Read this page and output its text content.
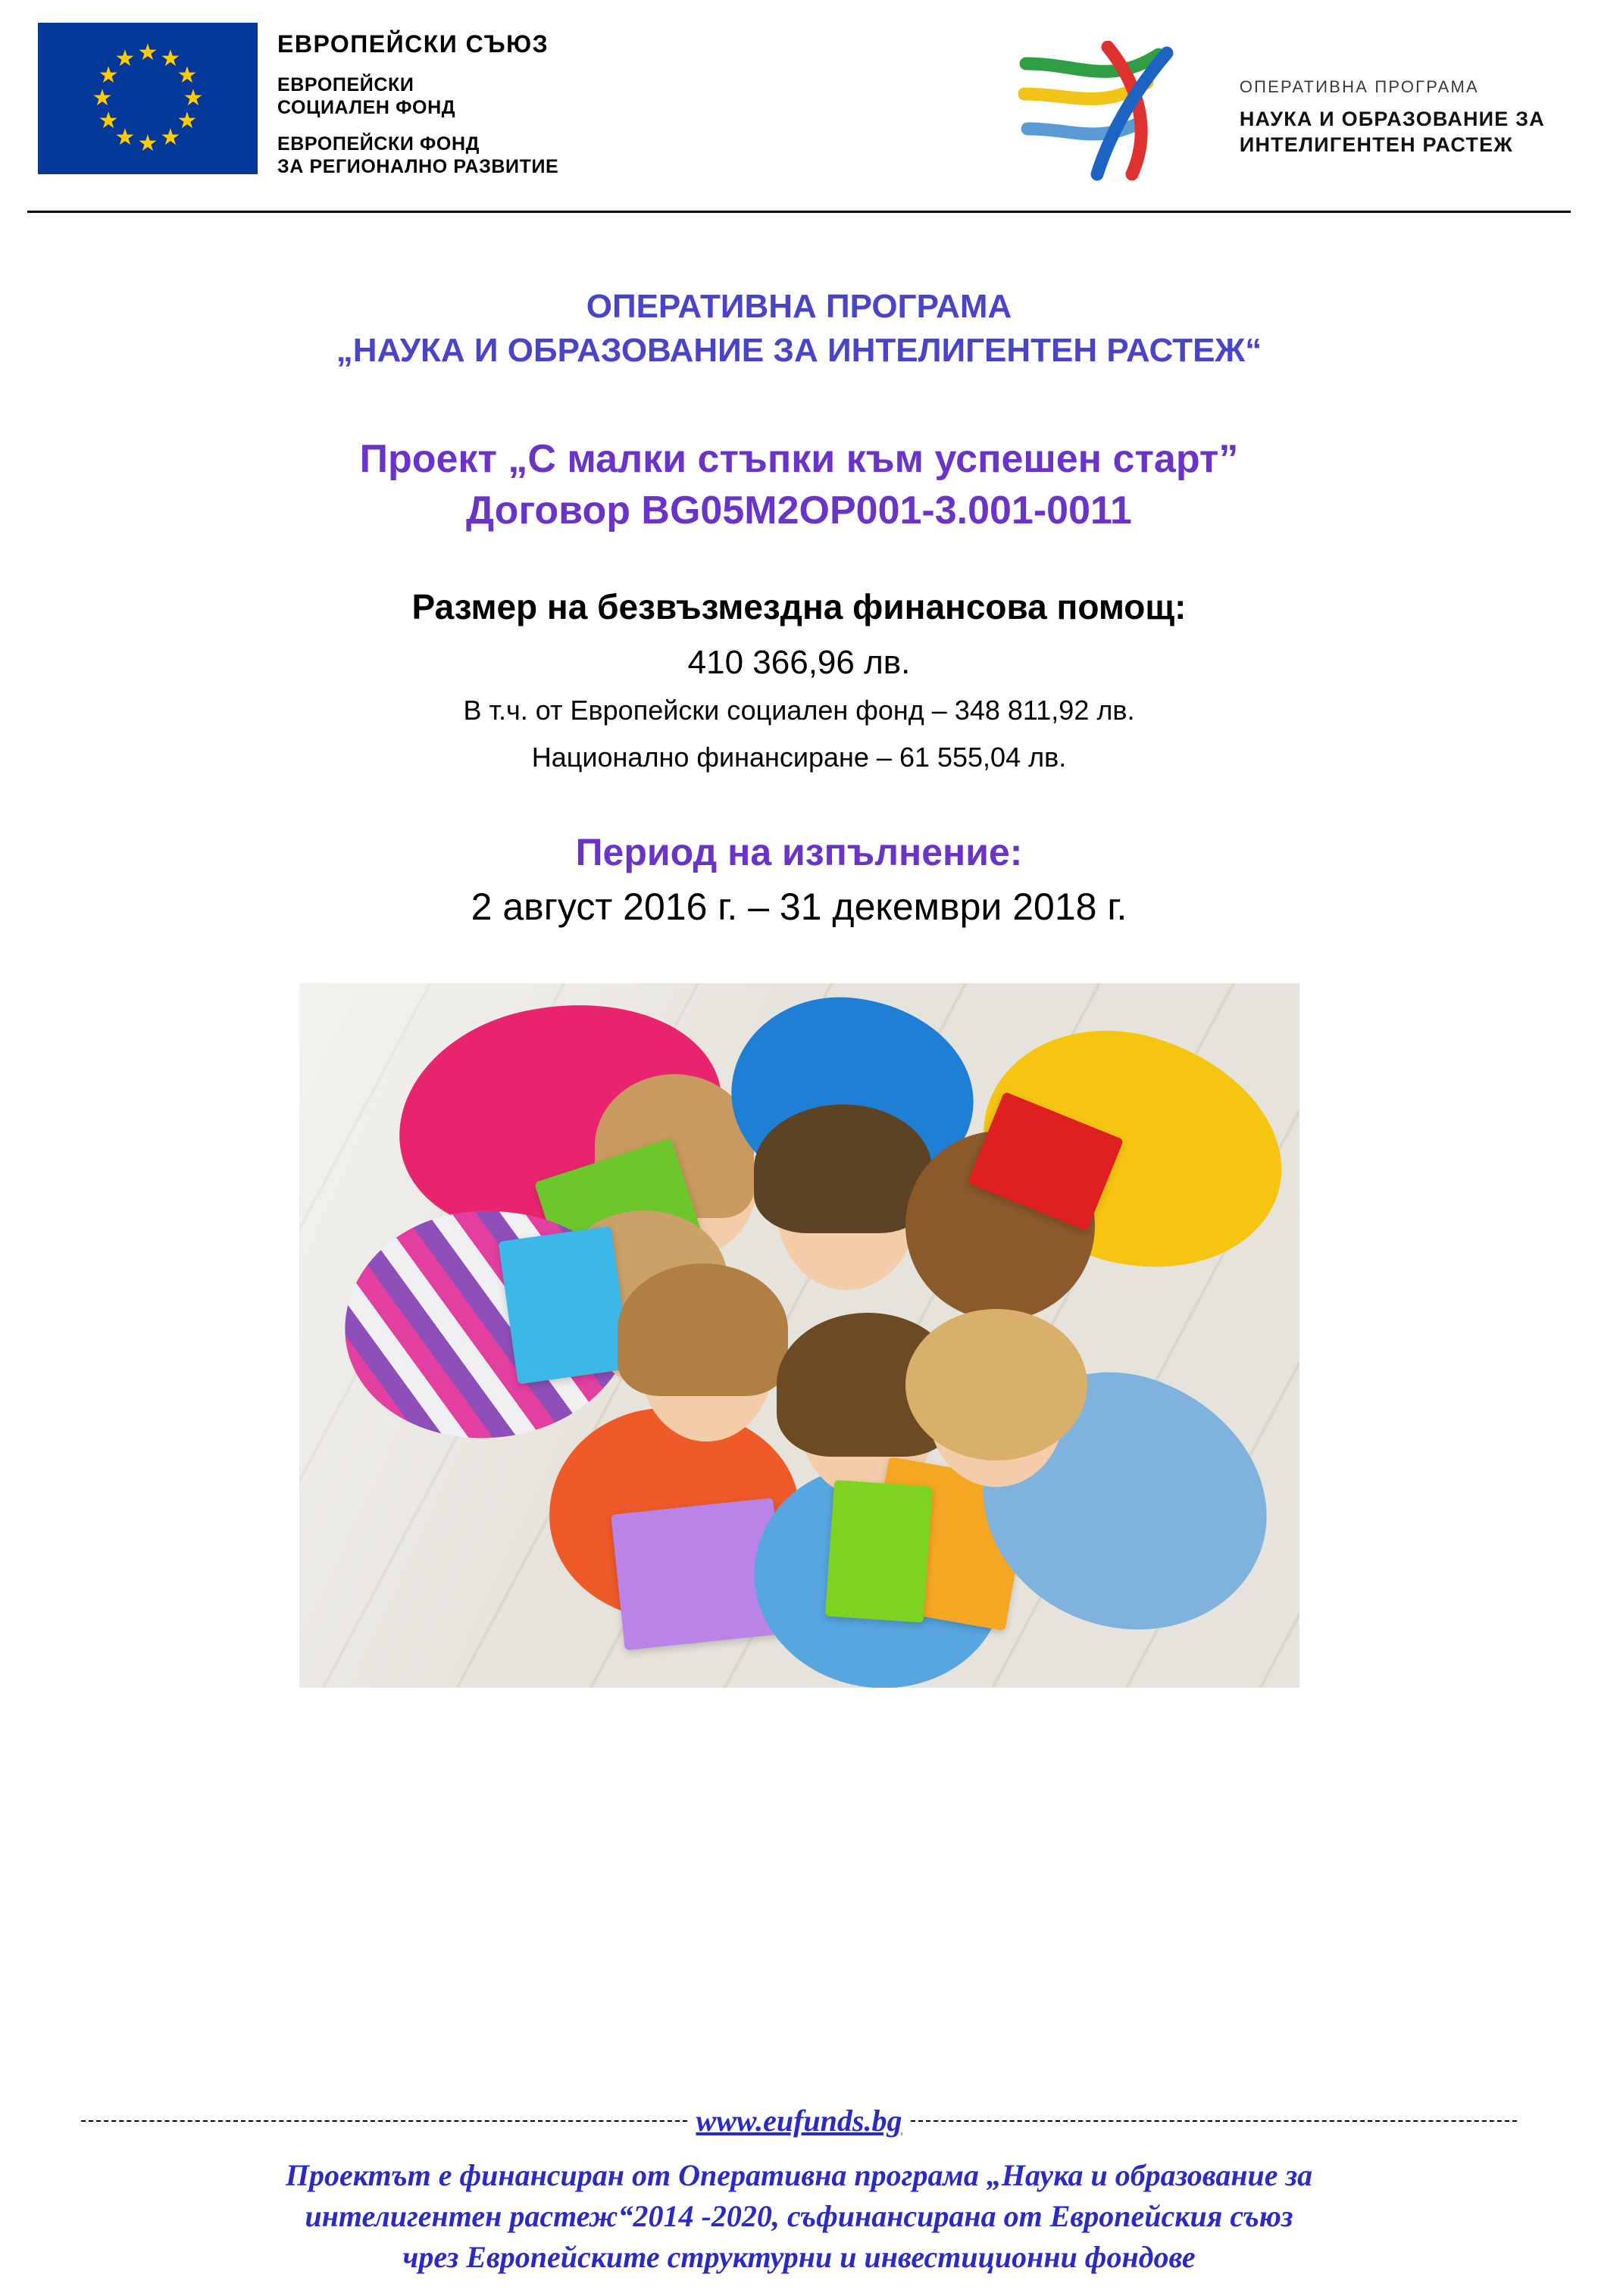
★ ★
★
★
★
★
★
★
★
★
★
★
ЕВРОПЕЙСКИ СЪЮЗ
ЕВРОПЕЙСКИ
СОЦИАЛЕН ФОНД
ЕВРОПЕЙСКИ ФОНД
ЗА РЕГИОНАЛНО РАЗВИТИЕ
ОПЕРАТИВНА ПРОГРАМА
НАУКА И ОБРАЗОВАНИЕ ЗА
ИНТЕЛИГЕНТЕН РАСТЕЖ
ОПЕРАТИВНА ПРОГРАМА
„НАУКА И ОБРАЗОВАНИЕ ЗА ИНТЕЛИГЕНТЕН РАСТЕЖ“
Проект „С малки стъпки към успешен старт”
Договор BG05M2OP001-3.001-0011
Размер на безвъзмездна финансова помощ:
410 366,96 лв.
В т.ч. от Европейски социален фонд – 348 811,92 лв.
Национално финансиране – 61 555,04 лв.
Период на изпълнение:
2 август 2016 г. – 31 декември 2018 г.
www.eufunds.bg
Проектът е финансиран от Оперативна програма „Наука и образование за
интелигентен растеж“2014 -2020, съфинансирана от Европейския съюз
чрез Европейските структурни и инвестиционни фондове
